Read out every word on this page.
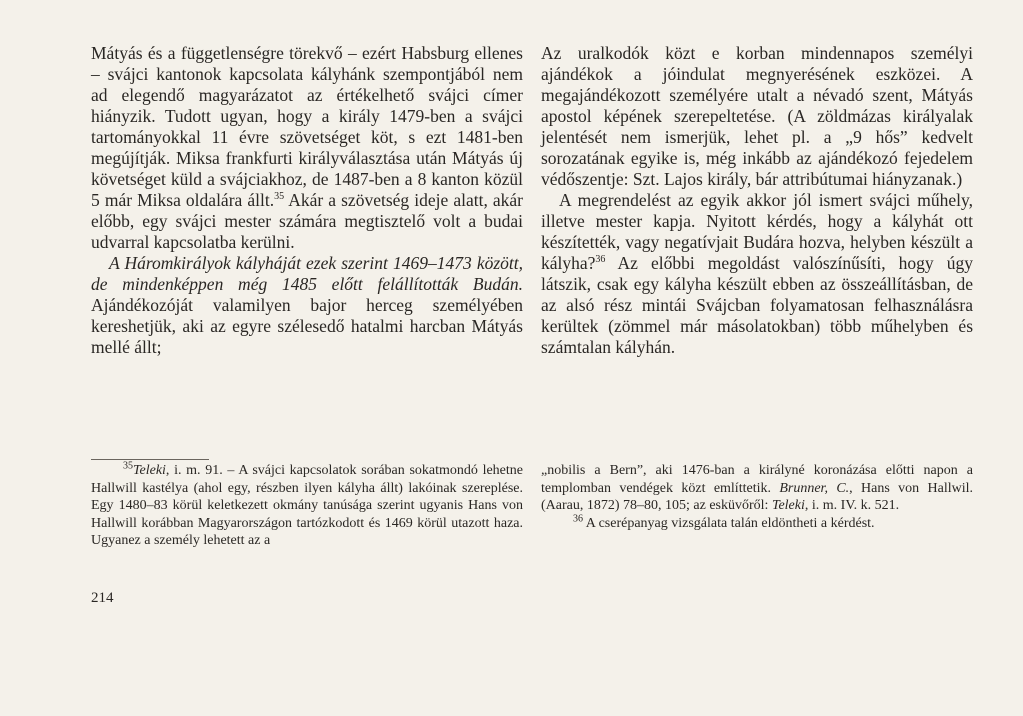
Mátyás és a függetlenségre törekvő – ezért Habsburg ellenes – svájci kantonok kapcsolata kályhánk szempontjából nem ad elegendő magyarázatot az értékelhető svájci címer hiányzik. Tudott ugyan, hogy a király 1479-ben a svájci tartományokkal 11 évre szövetséget köt, s ezt 1481-ben megújítják. Miksa frankfurti királyválasztása után Mátyás új követséget küld a svájciakhoz, de 1487-ben a 8 kanton közül 5 már Miksa oldalára állt.$^{35}$ Akár a szövetség ideje alatt, akár előbb, egy svájci mester számára megtisztelő volt a budai udvarral kapcsolatba kerülni.

A Háromkirályok kályháját ezek szerint 1469–1473 között, de mindenképpen még 1485 előtt felállították Budán. Ajándékozóját valamilyen bajor herceg személyében kereshetjük, aki az egyre szélesedő hatalmi harcban Mátyás mellé állt;

Az uralkodók közt e korban mindennapos személyi ajándékok a jóindulat megnyerésének eszközei. A megajándékozott személyére utalt a névadó szent, Mátyás apostol képének szerepeltetése. (A zöldmázas királyalak jelentését nem ismerjük, lehet pl. a „9 hős” kedvelt sorozatának egyike is, még inkább az ajándékozó fejedelem védőszentje: Szt. Lajos király, bár attribútumai hiányzanak.)

A megrendelést az egyik akkor jól ismert svájci műhely, illetve mester kapja. Nyitott kérdés, hogy a kályhát ott készítették, vagy negatívjait Budára hozva, helyben készült a kályha?$^{36}$ Az előbbi megoldást valószínűsíti, hogy úgy látszik, csak egy kályha készült ebben az összeállításban, de az alsó rész mintái Svájcban folyamatosan felhasználásra kerültek (zömmel már másolatokban) több műhelyben és számtalan kályhán.

$^{35}$Teleki, i. m. 91. – A svájci kapcsolatok sorában sokatmondó lehetne Hallwill kastélya (ahol egy, részben ilyen kályha állt) lakóinak szereplése. Egy 1480–83 körül keletkezett okmány tanúsága szerint ugyanis Hans von Hallwill korábban Magyarországon tartózkodott és 1469 körül utazott haza. Ugyanez a személy lehetett az a

„nobilis a Bern”, aki 1476-ban a királyné koronázása előtti napon a templomban vendégek közt említtetik. Brunner, C., Hans von Hallwil. (Aarau, 1872) 78–80, 105; az esküvőről: Teleki, i. m. IV. k. 521.

$^{36}$ A cserépanyag vizsgálata talán eldöntheti a kérdést.

214
